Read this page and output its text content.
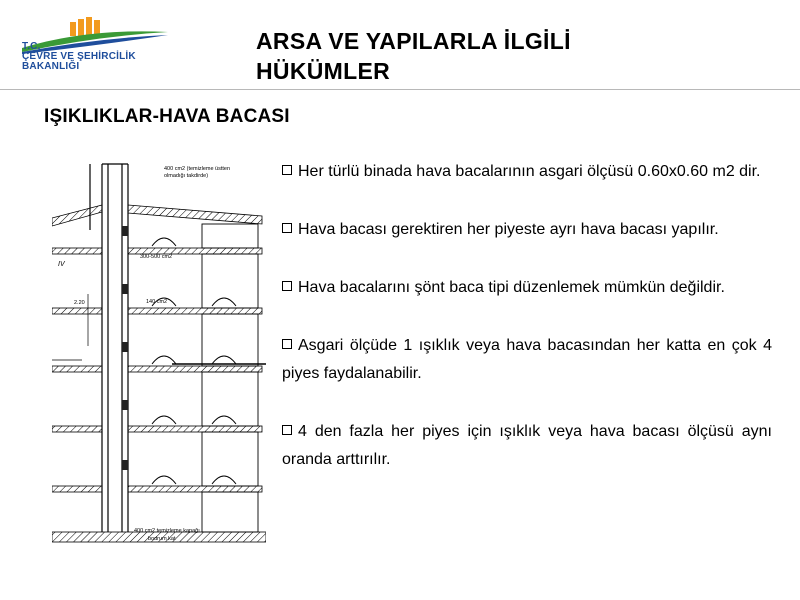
T.C.
ÇEVRE VE ŞEHİRCİLİK
BAKANLIĞI
ARSA VE YAPILARLA İLGİLİ
HÜKÜMLER
IŞIKLIKLAR-HAVA BACASI
400 cm2 (temizleme üstten
olmadığı takdirde)
300-500 cm2
140 cm2
2.20
IV
400 cm2 temizleme kapağı
bodrum kat
Her türlü binada hava bacalarının asgari ölçüsü 0.60x0.60 m2 dir.
Hava bacası gerektiren her piyeste ayrı hava bacası yapılır.
Hava bacalarını şönt baca tipi düzenlemek mümkün değildir.
Asgari ölçüde 1 ışıklık veya hava bacasından her katta en çok 4 piyes faydalanabilir.
4 den fazla her piyes için ışıklık veya hava bacası ölçüsü aynı oranda arttırılır.
